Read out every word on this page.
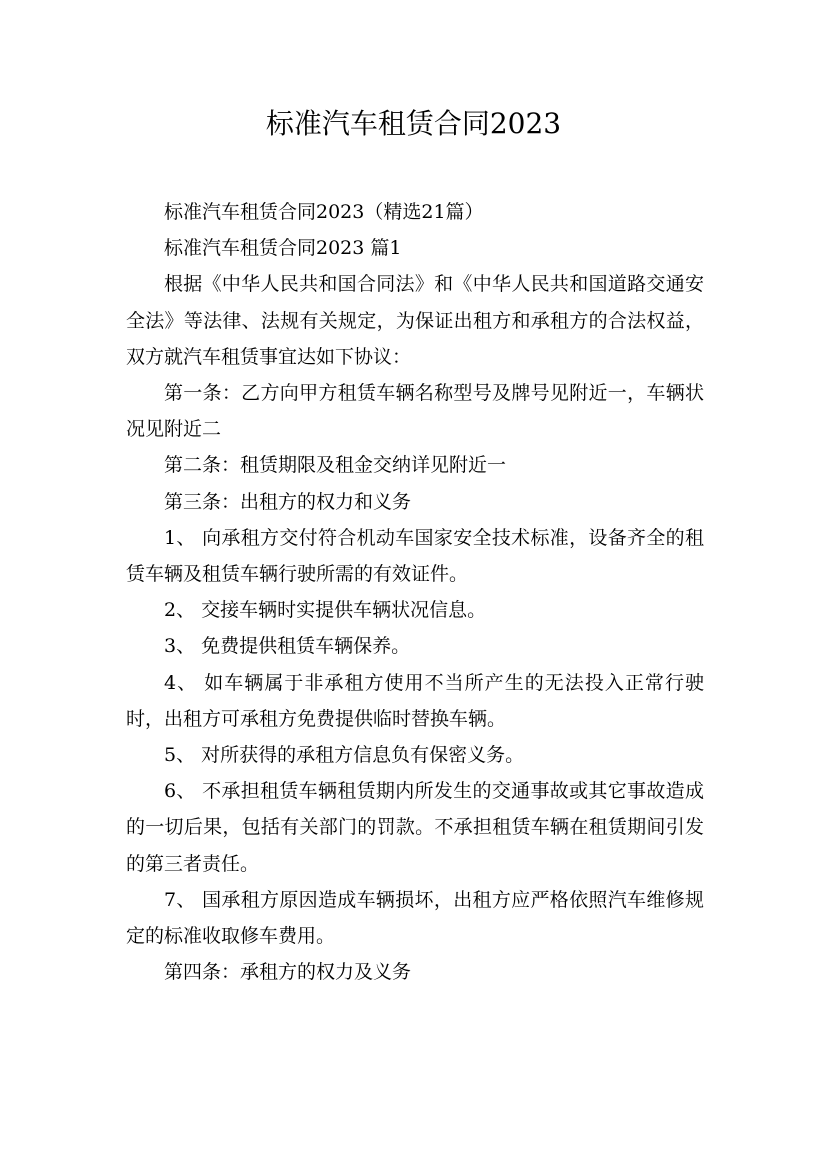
标准汽车租赁合同2023

标准汽车租赁合同2023（精选21篇）

标准汽车租赁合同2023 篇1

根据《中华人民共和国合同法》和《中华人民共和国道路交通安全法》等法律、法规有关规定，为保证出租方和承租方的合法权益，双方就汽车租赁事宜达如下协议：

第一条：乙方向甲方租赁车辆名称型号及牌号见附近一，车辆状况见附近二

第二条：租赁期限及租金交纳详见附近一

第三条：出租方的权力和义务

1、 向承租方交付符合机动车国家安全技术标准，设备齐全的租赁车辆及租赁车辆行驶所需的有效证件。

2、 交接车辆时实提供车辆状况信息。

3、 免费提供租赁车辆保养。

4、 如车辆属于非承租方使用不当所产生的无法投入正常行驶时，出租方可承租方免费提供临时替换车辆。

5、 对所获得的承租方信息负有保密义务。

6、 不承担租赁车辆租赁期内所发生的交通事故或其它事故造成的一切后果，包括有关部门的罚款。不承担租赁车辆在租赁期间引发的第三者责任。

7、 国承租方原因造成车辆损坏，出租方应严格依照汽车维修规定的标准收取修车费用。

第四条：承租方的权力及义务
